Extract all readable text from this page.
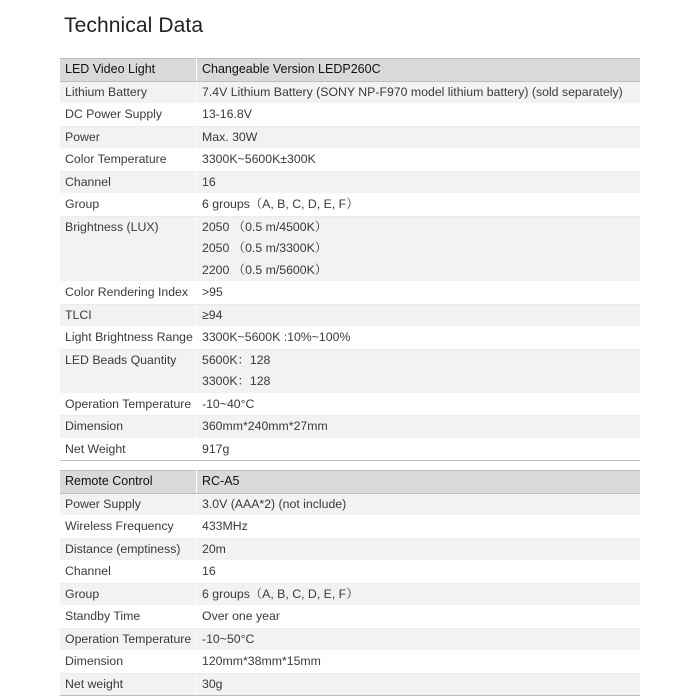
Technical Data
LED Video Light	Changeable Version LEDP260C
Lithium Battery	7.4V Lithium Battery (SONY NP-F970 model lithium battery) (sold separately)

DC Power Supply	13-16.8V

Power	Max. 30W

Color Temperature	3300K~5600K±300K

Channel	16

Group	6 groups（A, B, C, D, E, F）

Brightness (LUX)	2050 （0.5 m/4500K）
2050 （0.5 m/3300K）
2200 （0.5 m/5600K）

Color Rendering Index	>95

TLCI	≥94

Light Brightness Range	3300K~5600K :10%~100%

LED Beads Quantity	5600K：128
3300K：128

Operation Temperature	-10~40°C

Dimension	360mm*240mm*27mm

Net Weight	917g
Remote Control	RC-A5
Power Supply	3.0V (AAA*2) (not include)

Wireless Frequency	433MHz

Distance (emptiness)	20m

Channel	16

Group	6 groups（A, B, C, D, E, F）

Standby Time	Over one year

Operation Temperature	-10~50°C

Dimension	120mm*38mm*15mm

Net weight	30g
